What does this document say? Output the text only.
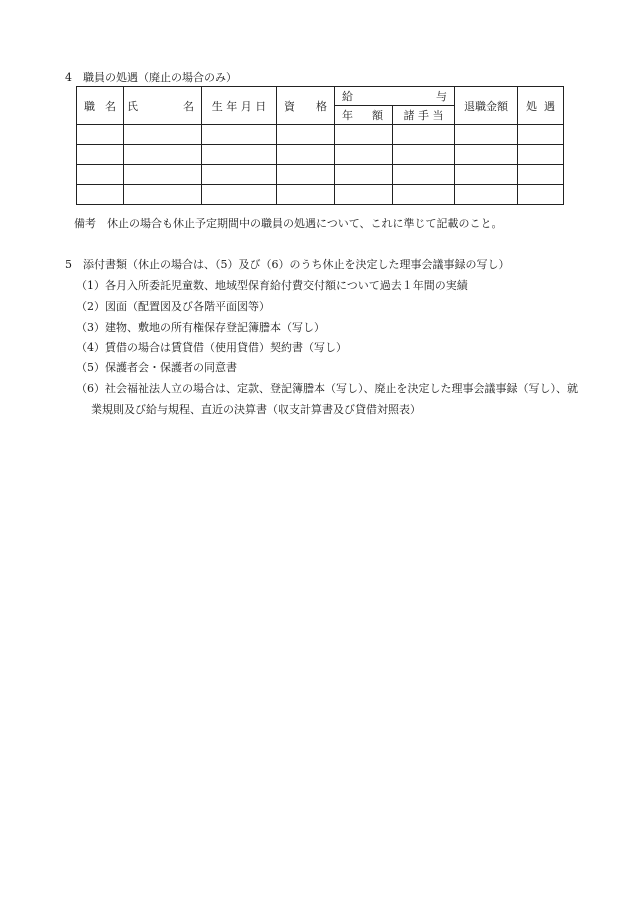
4　職員の処遇（廃止の場合のみ）
職 名	氏 名	生 年 月 日	資 格	給 与		退職金額	処 遇

				年 額	諸 手 当		

備考　休止の場合も休止予定期間中の職員の処遇について、これに準じて記載のこと。
5　添付書類（休止の場合は、（5）及び（6）のうち休止を決定した理事会議事録の写し）
（1）各月入所委託児童数、地域型保育給付費交付額について過去１年間の実績
（2）図面（配置図及び各階平面図等）
（3）建物、敷地の所有権保存登記簿謄本（写し）
（4）賃借の場合は賃貸借（使用貸借）契約書（写し）
（5）保護者会・保護者の同意書
（6）社会福祉法人立の場合は、定款、登記簿謄本（写し）、廃止を決定した理事会議事録（写し）、就
業規則及び給与規程、直近の決算書（収支計算書及び貸借対照表）
